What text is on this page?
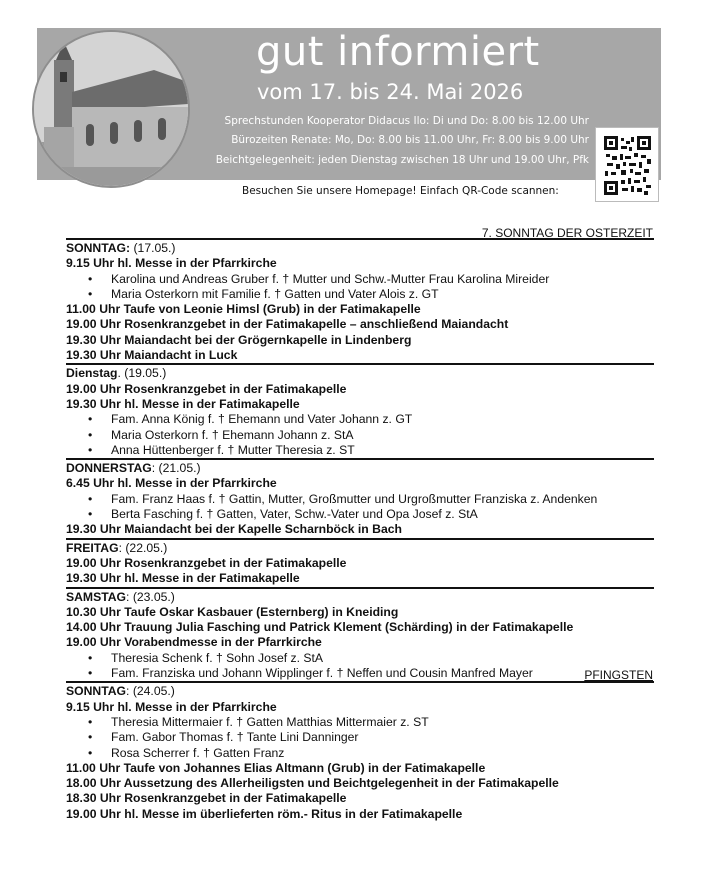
gut informiert
vom 17. bis 24. Mai 2026
Sprechstunden Kooperator Didacus Ilo: Di und Do: 8.00 bis 12.00 Uhr
Bürozeiten Renate: Mo, Do: 8.00 bis 11.00 Uhr, Fr: 8.00 bis 9.00 Uhr
Beichtgelegenheit: jeden Dienstag zwischen 18 Uhr und 19.00 Uhr, Pfk
Besuchen Sie unsere Homepage! Einfach QR-Code scannen:
7. SONNTAG DER OSTERZEIT
SONNTAG: (17.05.)
9.15 Uhr hl. Messe in der Pfarrkirche
• Karolina und Andreas Gruber f. † Mutter und Schw.-Mutter Frau Karolina Mireider
• Maria Osterkorn mit Familie f. † Gatten und Vater Alois z. GT
11.00 Uhr Taufe von Leonie Himsl (Grub) in der Fatimakapelle
19.00 Uhr Rosenkranzgebet in der Fatimakapelle – anschließend Maiandacht
19.30 Uhr Maiandacht bei der Grögernkapelle in Lindenberg
19.30 Uhr Maiandacht in Luck
Dienstag. (19.05.)
19.00 Uhr Rosenkranzgebet in der Fatimakapelle
19.30 Uhr hl. Messe in der Fatimakapelle
• Fam. Anna König f. † Ehemann und Vater Johann z. GT
• Maria Osterkorn f. † Ehemann Johann z. StA
• Anna Hüttenberger f. † Mutter Theresia z. ST
DONNERSTAG: (21.05.)
6.45 Uhr hl. Messe in der Pfarrkirche
• Fam. Franz Haas f. † Gattin, Mutter, Großmutter und Urgroßmutter Franziska z. Andenken
• Berta Fasching f. † Gatten, Vater, Schw.-Vater und Opa Josef z. StA
19.30 Uhr Maiandacht bei der Kapelle Scharnböck in Bach
FREITAG: (22.05.)
19.00 Uhr Rosenkranzgebet in der Fatimakapelle
19.30 Uhr hl. Messe in der Fatimakapelle
SAMSTAG: (23.05.)
10.30 Uhr Taufe Oskar Kasbauer (Esternberg) in Kneiding
14.00 Uhr Trauung Julia Fasching und Patrick Klement (Schärding) in der Fatimakapelle
19.00 Uhr Vorabendmesse in der Pfarrkirche
• Theresia Schenk f. † Sohn Josef z. StA
• Fam. Franziska und Johann Wipplinger f. † Neffen und Cousin Manfred Mayer
SONNTAG: (24.05.)
PFINGSTEN
9.15 Uhr hl. Messe in der Pfarrkirche
• Theresia Mittermaier f. † Gatten Matthias Mittermaier z. ST
• Fam. Gabor Thomas f. † Tante Lini Danninger
• Rosa Scherrer f. † Gatten Franz
11.00 Uhr Taufe von Johannes Elias Altmann (Grub) in der Fatimakapelle
18.00 Uhr Aussetzung des Allerheiligsten und Beichtgelegenheit in der Fatimakapelle
18.30 Uhr Rosenkranzgebet in der Fatimakapelle
19.00 Uhr hl. Messe im überlieferten röm.- Ritus in der Fatimakapelle
